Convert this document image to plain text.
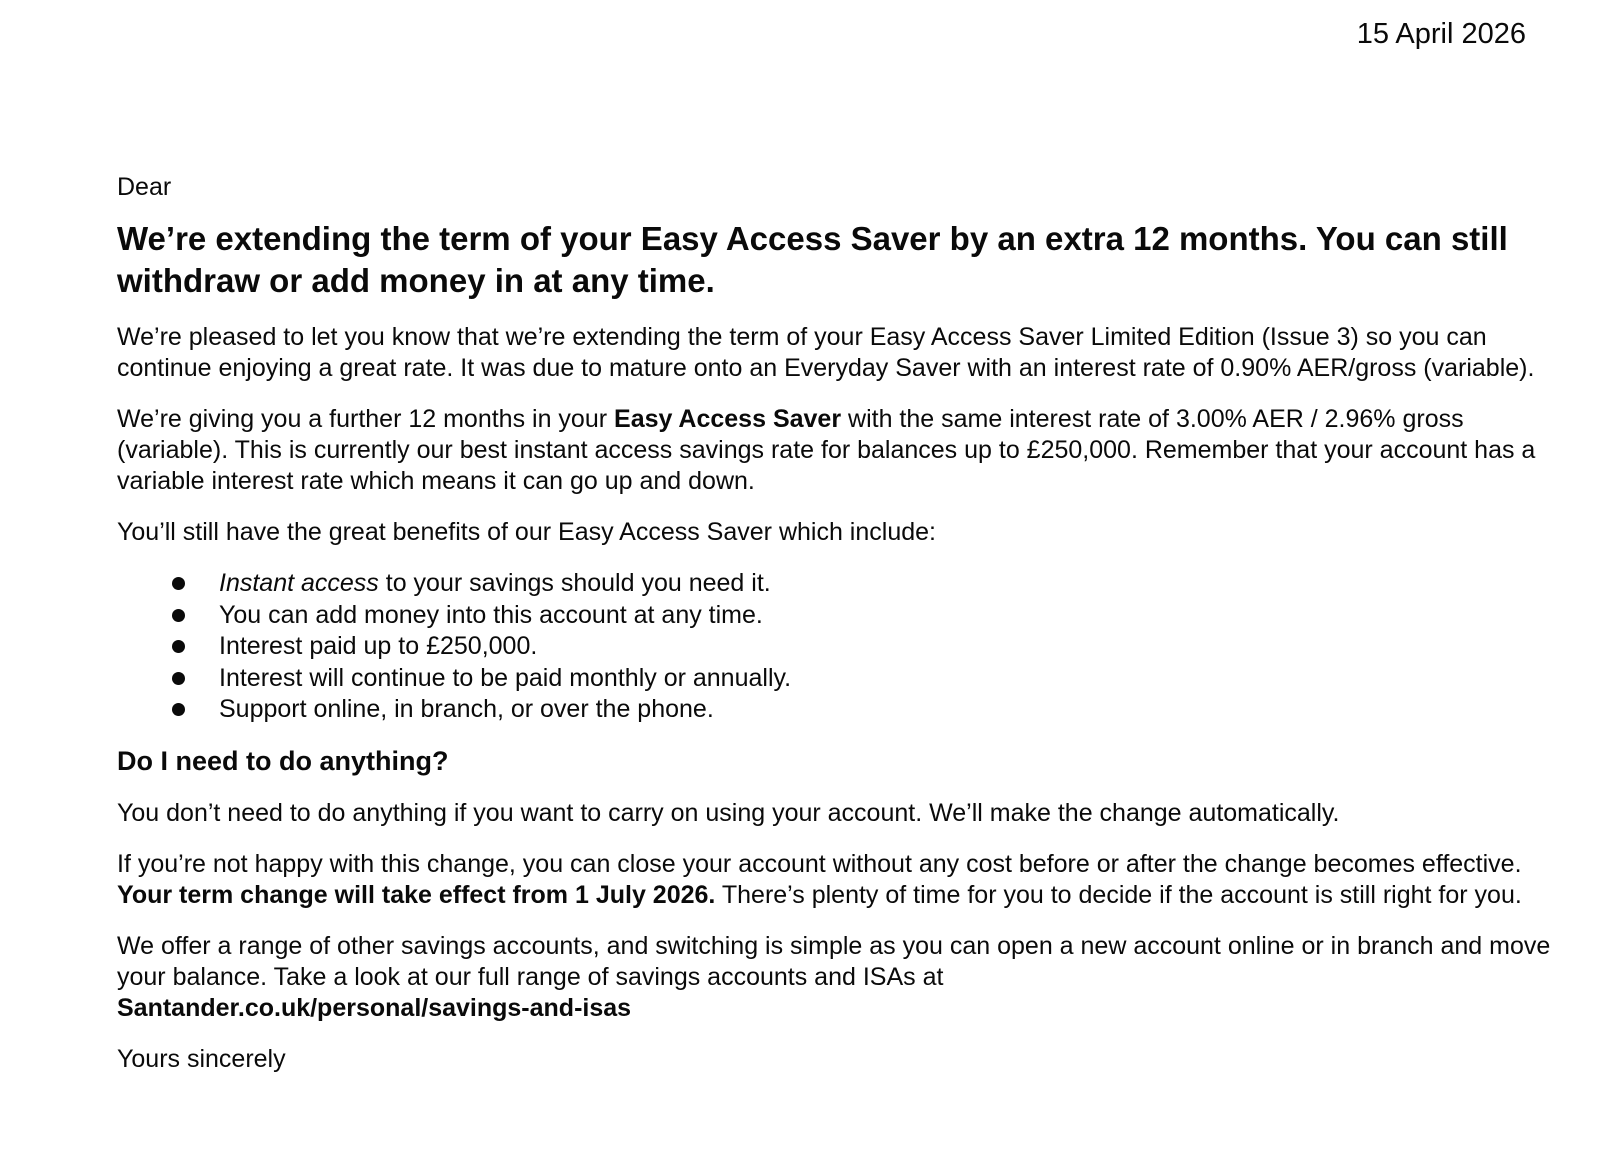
15 April 2026

Dear

We’re extending the term of your Easy Access Saver by an extra 12 months. You can still withdraw or add money in at any time.

We’re pleased to let you know that we’re extending the term of your Easy Access Saver Limited Edition (Issue 3) so you can continue enjoying a great rate. It was due to mature onto an Everyday Saver with an interest rate of 0.90% AER/gross (variable).

We’re giving you a further 12 months in your Easy Access Saver with the same interest rate of 3.00% AER / 2.96% gross (variable). This is currently our best instant access savings rate for balances up to £250,000. Remember that your account has a variable interest rate which means it can go up and down.

You’ll still have the great benefits of our Easy Access Saver which include:

Instant access to your savings should you need it.
You can add money into this account at any time.
Interest paid up to £250,000.
Interest will continue to be paid monthly or annually.
Support online, in branch, or over the phone.
Do I need to do anything?

You don’t need to do anything if you want to carry on using your account. We’ll make the change automatically.

If you’re not happy with this change, you can close your account without any cost before or after the change becomes effective. Your term change will take effect from 1 July 2026. There’s plenty of time for you to decide if the account is still right for you.

We offer a range of other savings accounts, and switching is simple as you can open a new account online or in branch and move your balance. Take a look at our full range of savings accounts and ISAs at
Santander.co.uk/personal/savings-and-isas

Yours sincerely
